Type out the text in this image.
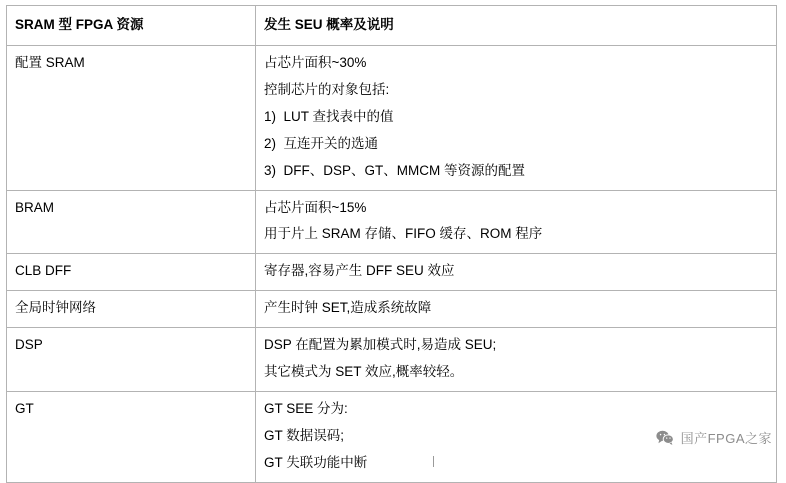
SRAM 型 FPGA 资源	发生 SEU 概率及说明
配置 SRAM	占芯片面积~30%
控制芯片的对象包括:
1)  LUT 查找表中的值
2)  互连开关的选通
3)  DFF、DSP、GT、MMCM 等资源的配置

BRAM	占芯片面积~15%
用于片上 SRAM 存储、FIFO 缓存、ROM 程序

CLB DFF	寄存器,容易产生 DFF SEU 效应

全局时钟网络	产生时钟 SET,造成系统故障

DSP	DSP 在配置为累加模式时,易造成 SEU;
其它模式为 SET 效应,概率较轻。

GT	GT SEE 分为:
GT 数据误码;
GT 失联功能中断
国产FPGA之家
